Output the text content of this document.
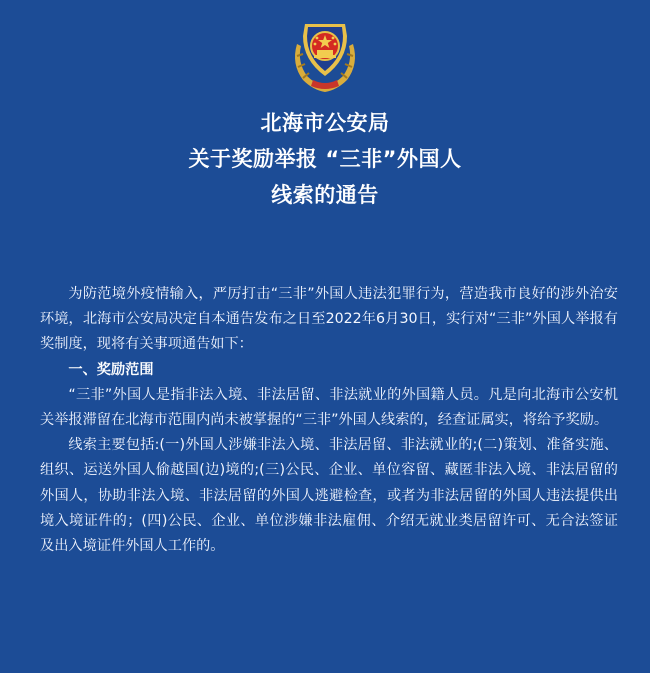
北海市公安局
关于奖励举报 “三非”外国人
线索的通告

为防范境外疫情输入，严厉打击“三非”外国人违法犯罪行为，营造我市良好的涉外治安环境，北海市公安局决定自本通告发布之日至2022年6月30日，实行对“三非”外国人举报有奖制度，现将有关事项通告如下：

一、奖励范围

“三非”外国人是指非法入境、非法居留、非法就业的外国籍人员。凡是向北海市公安机关举报滞留在北海市范围内尚未被掌握的“三非”外国人线索的，经查证属实，将给予奖励。

线索主要包括:(一)外国人涉嫌非法入境、非法居留、非法就业的;(二)策划、准备实施、组织、运送外国人偷越国(边)境的;(三)公民、企业、单位容留、藏匿非法入境、非法居留的外国人，协助非法入境、非法居留的外国人逃避检查，或者为非法居留的外国人违法提供出境入境证件的；(四)公民、企业、单位涉嫌非法雇佣、介绍无就业类居留许可、无合法签证及出入境证件外国人工作的。
